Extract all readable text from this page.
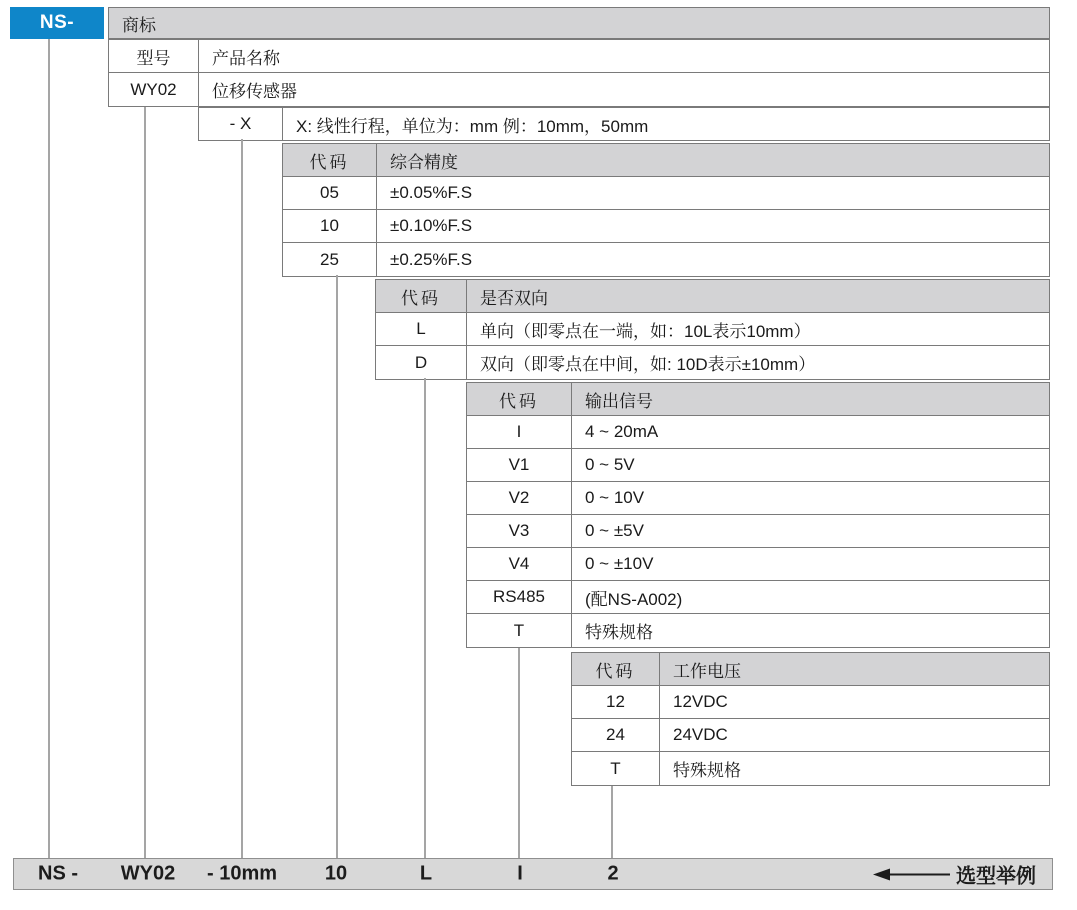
NS-	商标
型号	产品名称
WY02	位移传感器
- X	X: 线性行程，单位为：mm 例：10mm，50mm
代码	综合精度
05	±0.05%F.S
10	±0.10%F.S
25	±0.25%F.S
代码	是否双向
L	单向（即零点在一端，如：10L表示10mm）
D	双向（即零点在中间，如: 10D表示±10mm）
代码	输出信号
I	4 ~ 20mA
V1	0 ~ 5V
V2	0 ~ 10V
V3	0 ~ ±5V
V4	0 ~ ±10V
RS485	(配NS-A002)
T	特殊规格
代码	工作电压
12	12VDC
24	24VDC
T	特殊规格
NS - WY02 - 10mm 10	L	I	2	选型举例
